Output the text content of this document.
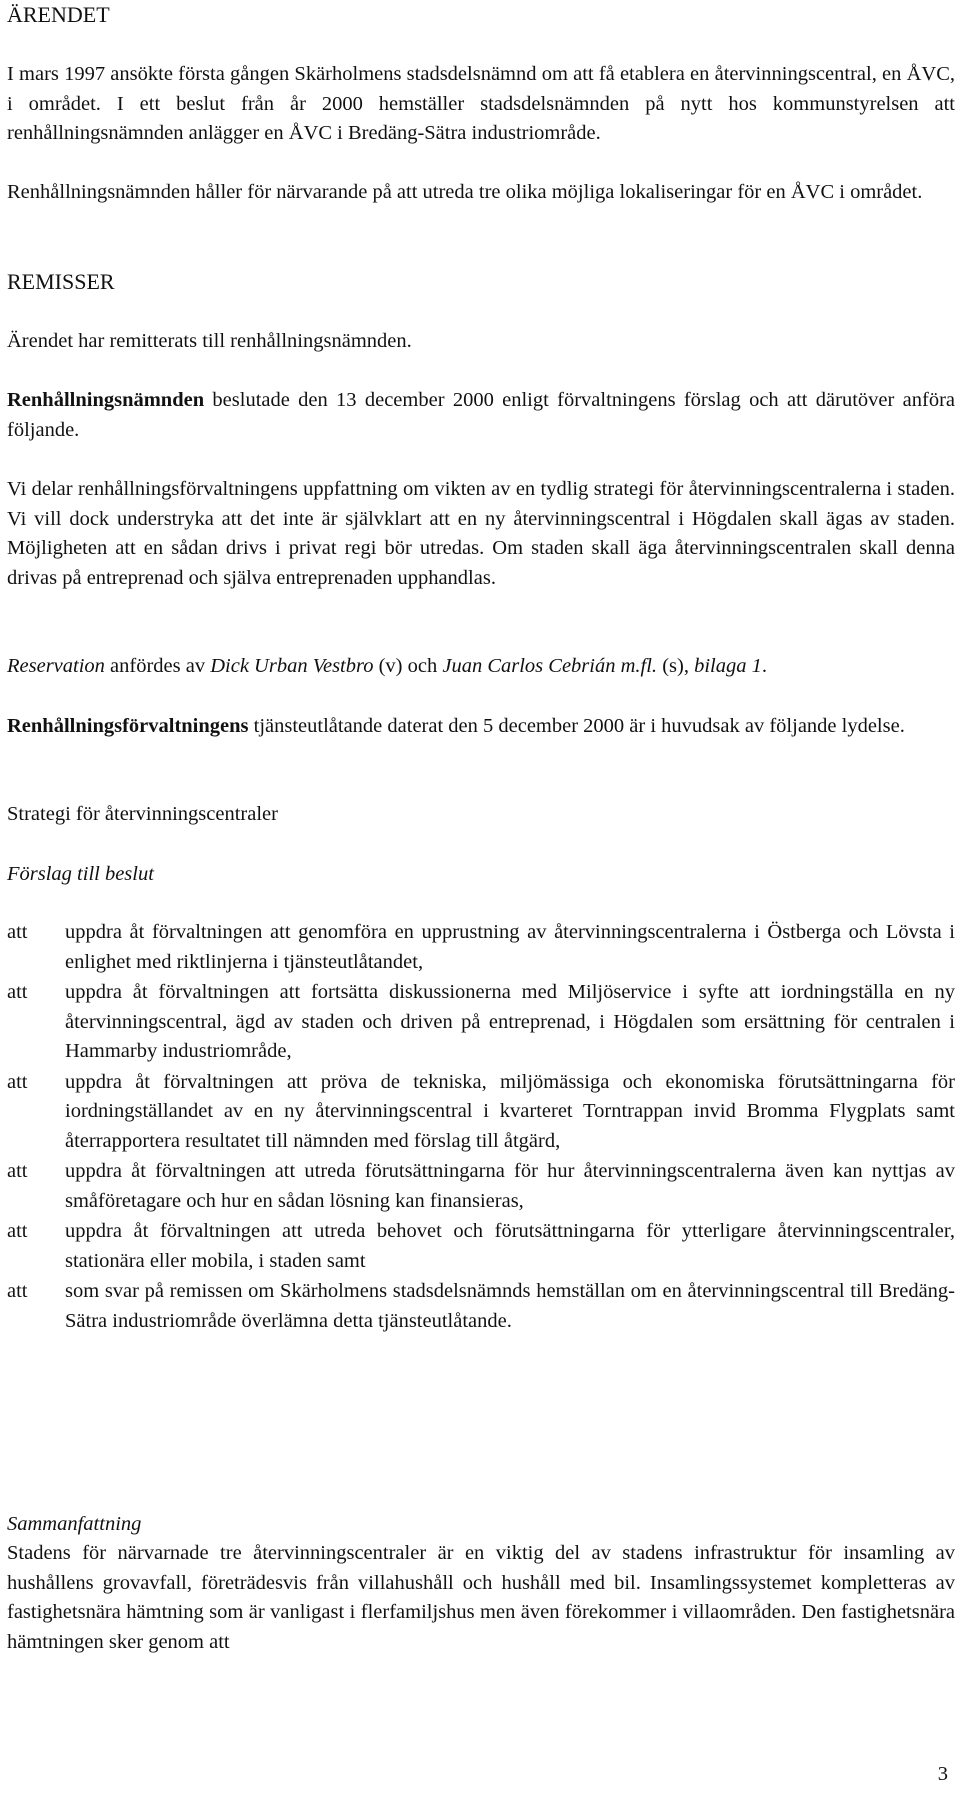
ÄRENDET
I mars 1997 ansökte första gången Skärholmens stadsdelsnämnd om att få etablera en återvinningscentral, en ÅVC, i området. I ett beslut från år 2000 hemställer stadsdelsnämnden på nytt hos kommunstyrelsen att renhållningsnämnden anlägger en ÅVC i Bredäng-Sätra industriområde.
Renhållningsnämnden håller för närvarande på att utreda tre olika möjliga lokaliseringar för en ÅVC i området.
REMISSER
Ärendet har remitterats till renhållningsnämnden.
Renhållningsnämnden beslutade den 13 december 2000 enligt förvaltningens förslag och att därutöver anföra följande.
Vi delar renhållningsförvaltningens uppfattning om vikten av en tydlig strategi för återvinningscentralerna i staden. Vi vill dock understryka att det inte är självklart att en ny återvinningscentral i Högdalen skall ägas av staden. Möjligheten att en sådan drivs i privat regi bör utredas. Om staden skall äga återvinningscentralen skall denna drivas på entreprenad och själva entreprenaden upphandlas.
Reservation anfördes av Dick Urban Vestbro (v) och Juan Carlos Cebrián m.fl. (s), bilaga 1.
Renhållningsförvaltningens tjänsteutlåtande daterat den 5 december 2000 är i huvudsak av följande lydelse.
Strategi för återvinningscentraler
Förslag till beslut
att	uppdra åt förvaltningen att genomföra en upprustning av återvinningscentralerna i Östberga och Lövsta i enlighet med riktlinjerna i tjänsteutlåtandet,
att	uppdra åt förvaltningen att fortsätta diskussionerna med Miljöservice i syfte att iordningställa en ny återvinningscentral, ägd av staden och driven på entreprenad, i Högdalen som ersättning för centralen i Hammarby industriområde,
att	uppdra åt förvaltningen att pröva de tekniska, miljömässiga och ekonomiska förutsättningarna för iordningställandet av en ny återvinningscentral i kvarteret Torntrappan invid Bromma Flygplats samt återrapportera resultatet till nämnden med förslag till åtgärd,
att	uppdra åt förvaltningen att utreda förutsättningarna för hur återvinningscentralerna även kan nyttjas av småföretagare och hur en sådan lösning kan finansieras,
att	uppdra åt förvaltningen att utreda behovet och förutsättningarna för ytterligare återvinningscentraler, stationära eller mobila, i staden samt
att	som svar på remissen om Skärholmens stadsdelsnämnds hemställan om en återvinningscentral till Bredäng-Sätra industriområde överlämna detta tjänsteutlåtande.
Sammanfattning
Stadens för närvarnade tre återvinningscentraler är en viktig del av stadens infrastruktur för insamling av hushållens grovavfall, företrädesvis från villahushåll och hushåll med bil. Insamlingssystemet kompletteras av fastighetsnära hämtning som är vanligast i flerfamiljshus men även förekommer i villaområden. Den fastighetsnära hämtningen sker genom att
3
